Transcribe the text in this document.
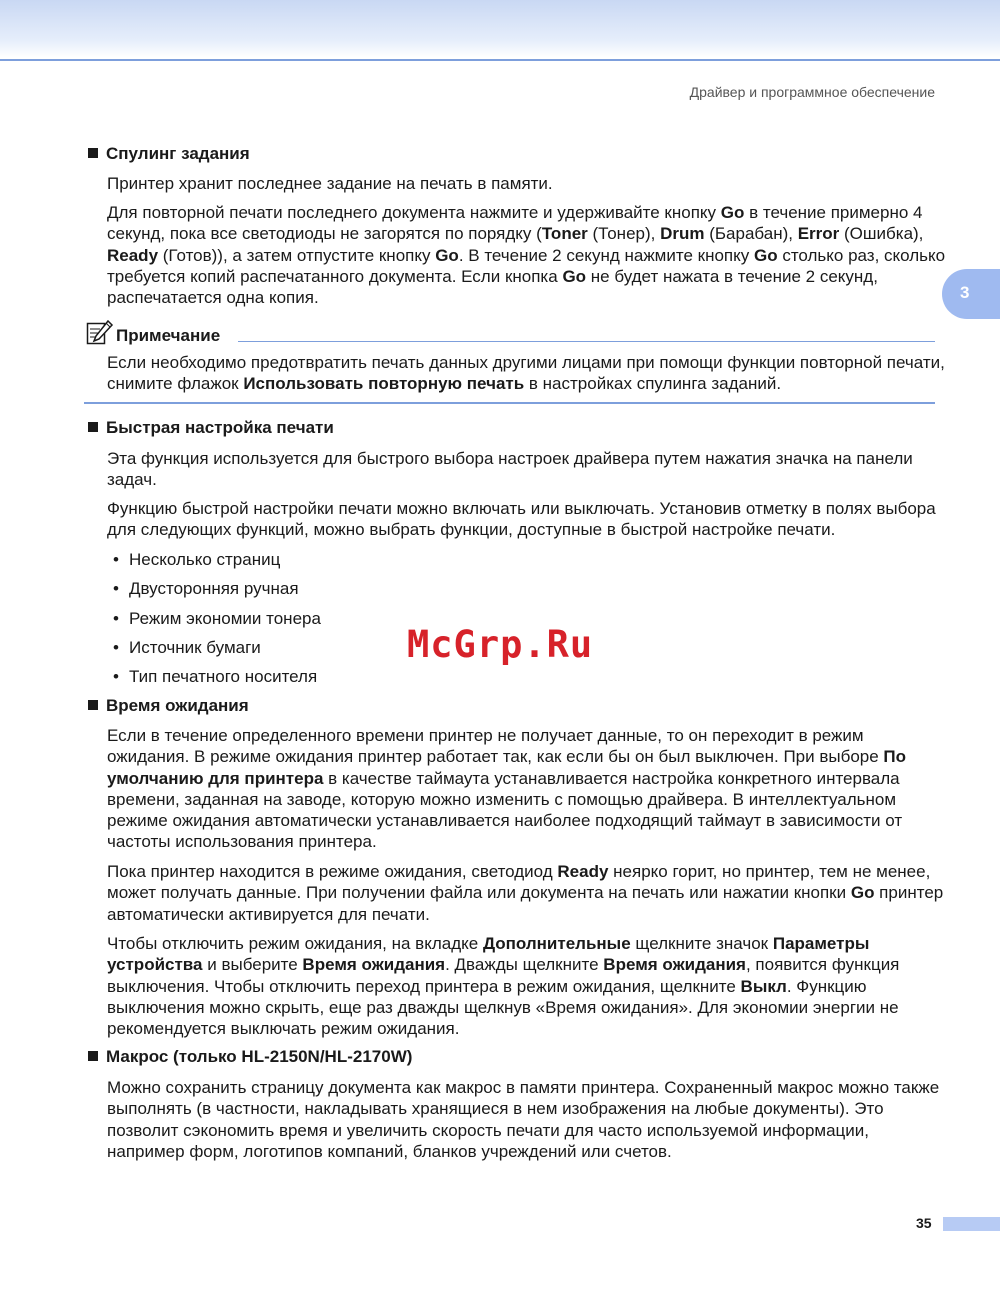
Драйвер и программное обеспечение
3
Спулинг задания

Принтер хранит последнее задание на печать в памяти.

Для повторной печати последнего документа нажмите и удерживайте кнопку Go в течение примерно 4 секунд, пока все светодиоды не загорятся по порядку (Toner (Тонер), Drum (Барабан), Error (Ошибка), Ready (Готов)), а затем отпустите кнопку Go. В течение 2 секунд нажмите кнопку Go столько раз, сколько требуется копий распечатанного документа. Если кнопка Go не будет нажата в течение 2 секунд, распечатается одна копия.

Примечание

Если необходимо предотвратить печать данных другими лицами при помощи функции повторной печати, снимите флажок Использовать повторную печать в настройках спулинга заданий.

Быстрая настройка печати

Эта функция используется для быстрого выбора настроек драйвера путем нажатия значка на панели задач.

Функцию быстрой настройки печати можно включать или выключать. Установив отметку в полях выбора для следующих функций, можно выбрать функции, доступные в быстрой настройке печати.

• Несколько страниц
• Двусторонняя ручная
• Режим экономии тонера
• Источник бумаги
• Тип печатного носителя
Время ожидания

Если в течение определенного времени принтер не получает данные, то он переходит в режим ожидания. В режиме ожидания принтер работает так, как если бы он был выключен. При выборе По умолчанию для принтера в качестве таймаута устанавливается настройка конкретного интервала времени, заданная на заводе, которую можно изменить с помощью драйвера. В интеллектуальном режиме ожидания автоматически устанавливается наиболее подходящий таймаут в зависимости от частоты использования принтера.

Пока принтер находится в режиме ожидания, светодиод Ready неярко горит, но принтер, тем не менее, может получать данные. При получении файла или документа на печать или нажатии кнопки Go принтер автоматически активируется для печати.

Чтобы отключить режим ожидания, на вкладке Дополнительные щелкните значок Параметры устройства и выберите Время ожидания. Дважды щелкните Время ожидания, появится функция выключения. Чтобы отключить переход принтера в режим ожидания, щелкните Выкл. Функцию выключения можно скрыть, еще раз дважды щелкнув «Время ожидания». Для экономии энергии не рекомендуется выключать режим ожидания.

Макрос (только HL-2150N/HL-2170W)

Можно сохранить страницу документа как макрос в памяти принтера. Сохраненный макрос можно также выполнять (в частности, накладывать хранящиеся в нем изображения на любые документы). Это позволит сэкономить время и увеличить скорость печати для часто используемой информации, например форм, логотипов компаний, бланков учреждений или счетов.

McGrp.Ru
35
